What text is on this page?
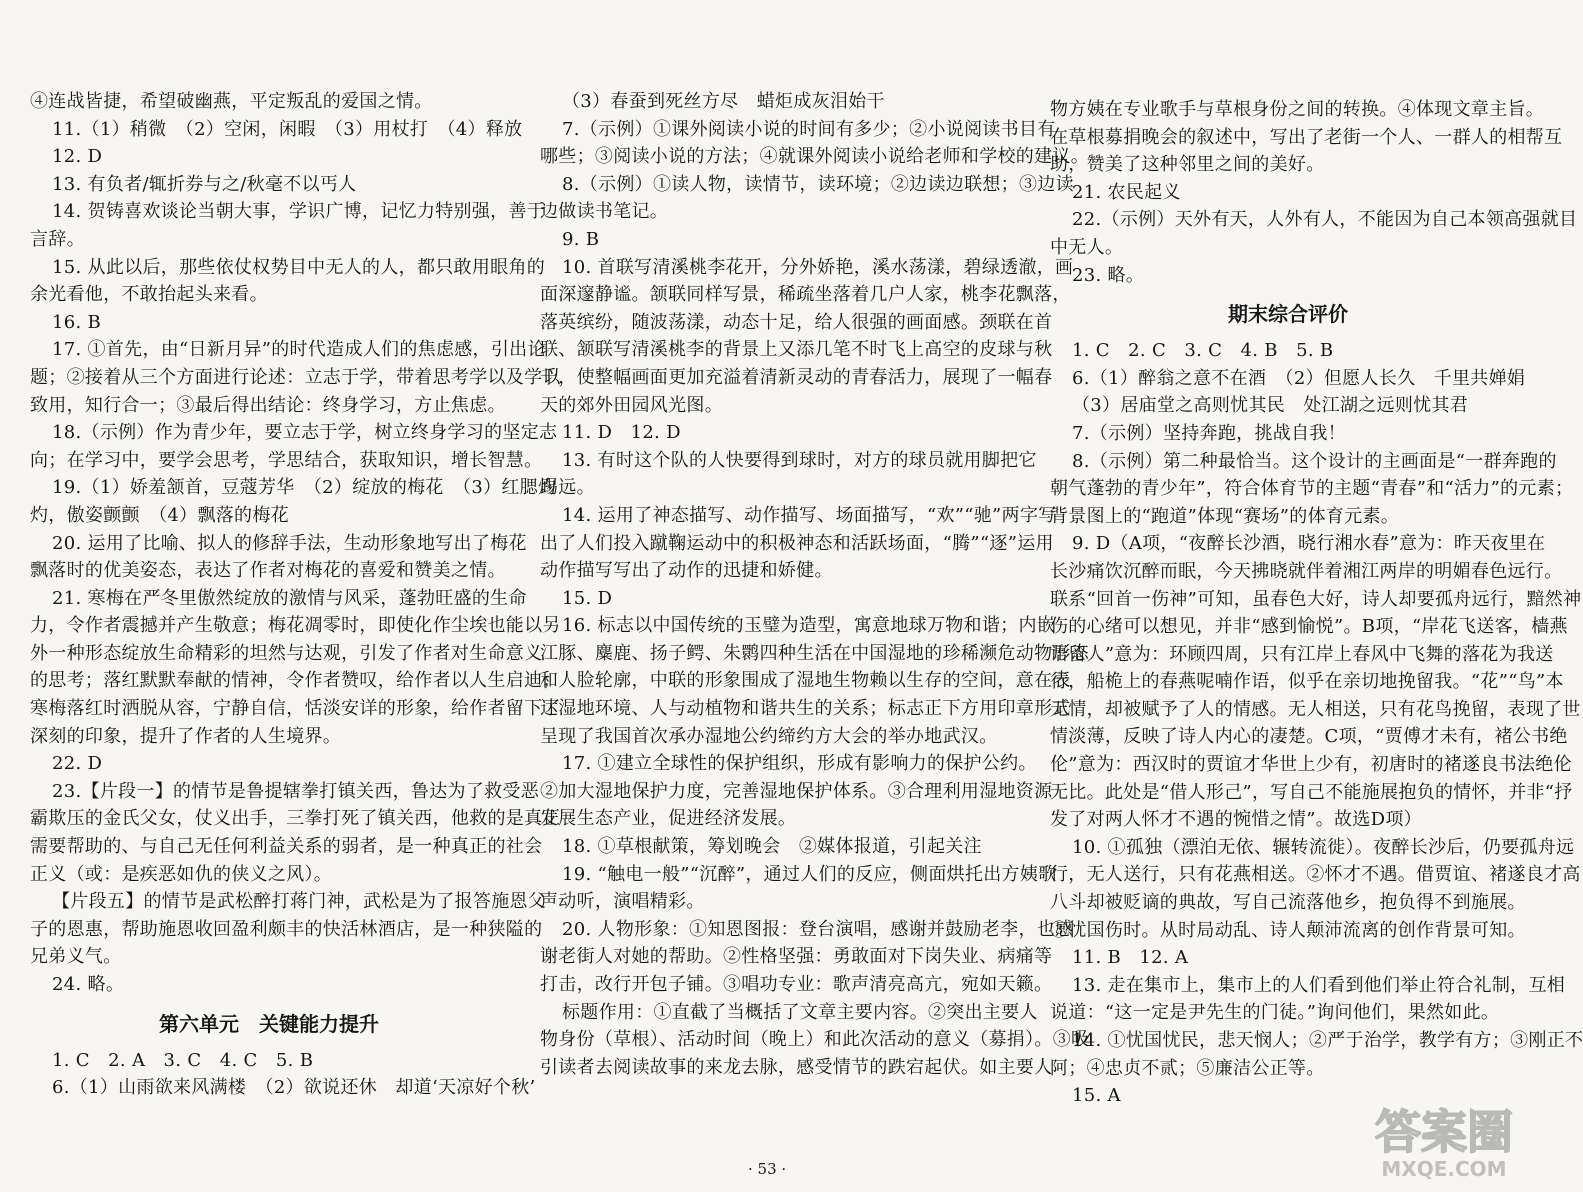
④连战皆捷，希望破幽燕，平定叛乱的爱国之情。
11.（1）稍微　（2）空闲，闲暇　（3）用杖打　（4）释放
12. D
13. 有负者/辄折券与之/秋毫不以丐人
14. 贺铸喜欢谈论当朝大事，学识广博，记忆力特别强，善于
言辞。
15. 从此以后，那些依仗权势目中无人的人，都只敢用眼角的
余光看他，不敢抬起头来看。
16. B
17. ①首先，由“日新月异”的时代造成人们的焦虑感，引出论
题；②接着从三个方面进行论述：立志于学，带着思考学以及学以
致用，知行合一；③最后得出结论：终身学习，方止焦虑。
18.（示例）作为青少年，要立志于学，树立终身学习的坚定志
向；在学习中，要学会思考，学思结合，获取知识，增长智慧。
19.（1）娇羞颔首，豆蔻芳华　（2）绽放的梅花　（3）红腮灼
灼，傲姿颤颤　（4）飘落的梅花
20. 运用了比喻、拟人的修辞手法，生动形象地写出了梅花
飘落时的优美姿态，表达了作者对梅花的喜爱和赞美之情。
21. 寒梅在严冬里傲然绽放的激情与风采，蓬勃旺盛的生命
力，令作者震撼并产生敬意；梅花凋零时，即使化作尘埃也能以另
外一种形态绽放生命精彩的坦然与达观，引发了作者对生命意义
的思考；落红默默奉献的情神，令作者赞叹，给作者以人生启迪；
寒梅落红时洒脱从容，宁静自信，恬淡安详的形象，给作者留下了
深刻的印象，提升了作者的人生境界。
22. D
23.【片段一】的情节是鲁提辖拳打镇关西，鲁达为了救受恶
霸欺压的金氏父女，仗义出手，三拳打死了镇关西，他救的是真正
需要帮助的、与自己无任何利益关系的弱者，是一种真正的社会
正义（或：是疾恶如仇的侠义之风）。
【片段五】的情节是武松醉打蒋门神，武松是为了报答施恩父
子的恩惠，帮助施恩收回盈利颇丰的快活林酒店，是一种狭隘的
兄弟义气。
24. 略。
第六单元　关键能力提升
1. C　2. A　3. C　4. C　5. B
6.（1）山雨欲来风满楼　（2）欲说还休　却道‘天凉好个秋’
（3）春蚕到死丝方尽　蜡炬成灰泪始干
7.（示例）①课外阅读小说的时间有多少；②小说阅读书目有
哪些；③阅读小说的方法；④就课外阅读小说给老师和学校的建议。
8.（示例）①读人物，读情节，读环境；②边读边联想；③边读
边做读书笔记。
9. B
10. 首联写清溪桃李花开，分外娇艳，溪水荡漾，碧绿透澈，画
面深邃静谧。颔联同样写景，稀疏坐落着几户人家，桃李花飘落，
落英缤纷，随波荡漾，动态十足，给人很强的画面感。颈联在首
联、颔联写清溪桃李的背景上又添几笔不时飞上高空的皮球与秋
千，使整幅画面更加充溢着清新灵动的青春活力，展现了一幅春
天的郊外田园风光图。
11. D　12. D
13. 有时这个队的人快要得到球时，对方的球员就用脚把它
踢远。
14. 运用了神态描写、动作描写、场面描写，“欢”“驰”两字写
出了人们投入蹴鞠运动中的积极神态和活跃场面，“腾”“逐”运用
动作描写写出了动作的迅捷和娇健。
15. D
16. 标志以中国传统的玉璧为造型，寓意地球万物和谐；内嵌
江豚、麋鹿、扬子鳄、朱鹮四种生活在中国湿地的珍稀濒危动物形态
和人脸轮廓，中联的形象围成了湿地生物赖以生存的空间，意在表
达湿地环境、人与动植物和谐共生的关系；标志正下方用印章形式
呈现了我国首次承办湿地公约缔约方大会的举办地武汉。
17. ①建立全球性的保护组织，形成有影响力的保护公约。
②加大湿地保护力度，完善湿地保护体系。③合理利用湿地资源
发展生态产业，促进经济发展。
18. ①草根献策，筹划晚会　②媒体报道，引起关注
19. “触电一般”“沉醉”，通过人们的反应，侧面烘托出方姨歌
声动听，演唱精彩。
20. 人物形象：①知恩图报：登台演唱，感谢并鼓励老李，也感
谢老街人对她的帮助。②性格坚强：勇敢面对下岗失业、病痛等
打击，改行开包子铺。③唱功专业：歌声清亮高亢，宛如天籁。
标题作用：①直截了当概括了文章主要内容。②突出主要人
物身份（草根）、活动时间（晚上）和此次活动的意义（募捐）。③吸
引读者去阅读故事的来龙去脉，感受情节的跌宕起伏。如主要人
物方姨在专业歌手与草根身份之间的转换。④体现文章主旨。
在草根募捐晚会的叙述中，写出了老街一个人、一群人的相帮互
助，赞美了这种邻里之间的美好。
21. 农民起义
22.（示例）天外有天，人外有人，不能因为自己本领高强就目
中无人。
23. 略。
期末综合评价
1. C　2. C　3. C　4. B　5. B
6.（1）醉翁之意不在酒　（2）但愿人长久　千里共婵娟
（3）居庙堂之高则忧其民　处江湖之远则忧其君
7.（示例）坚持奔跑，挑战自我！
8.（示例）第二种最恰当。这个设计的主画面是“一群奔跑的
朝气蓬勃的青少年”，符合体育节的主题“青春”和“活力”的元素；
背景图上的“跑道”体现“赛场”的体育元素。
9. D（A项，“夜醉长沙酒，晓行湘水春”意为：昨天夜里在
长沙痛饮沉醉而眠，今天拂晓就伴着湘江两岸的明媚春色远行。
联系“回首一伤神”可知，虽春色大好，诗人却要孤舟远行，黯然神
伤的心绪可以想见，并非“感到愉悦”。B项，“岸花飞送客，樯燕
语留人”意为：环顾四周，只有江岸上春风中飞舞的落花为我送
行，船桅上的春燕呢喃作语，似乎在亲切地挽留我。“花”“鸟”本
无情，却被赋予了人的情感。无人相送，只有花鸟挽留，表现了世
情淡薄，反映了诗人内心的凄楚。C项，“贾傅才未有，褚公书绝
伦”意为：西汉时的贾谊才华世上少有，初唐时的褚遂良书法绝伦
无比。此处是“借人形己”，写自己不能施展抱负的情怀，并非“抒
发了对两人怀才不遇的惋惜之情”。故选D项）
10. ①孤独（漂泊无依、辗转流徙）。夜醉长沙后，仍要孤舟远
行，无人送行，只有花燕相送。②怀才不遇。借贾谊、褚遂良才高
八斗却被贬谪的典故，写自己流落他乡，抱负得不到施展。
③忧国伤时。从时局动乱、诗人颠沛流离的创作背景可知。
11. B　12. A
13. 走在集市上，集市上的人们看到他们举止符合礼制，互相
说道：“这一定是尹先生的门徒。”询问他们，果然如此。
14. ①忧国忧民，悲天悯人；②严于治学，教学有方；③刚正不
阿；④忠贞不贰；⑤廉洁公正等。
15. A
· 53 ·
答案圈
MXQE.COM
